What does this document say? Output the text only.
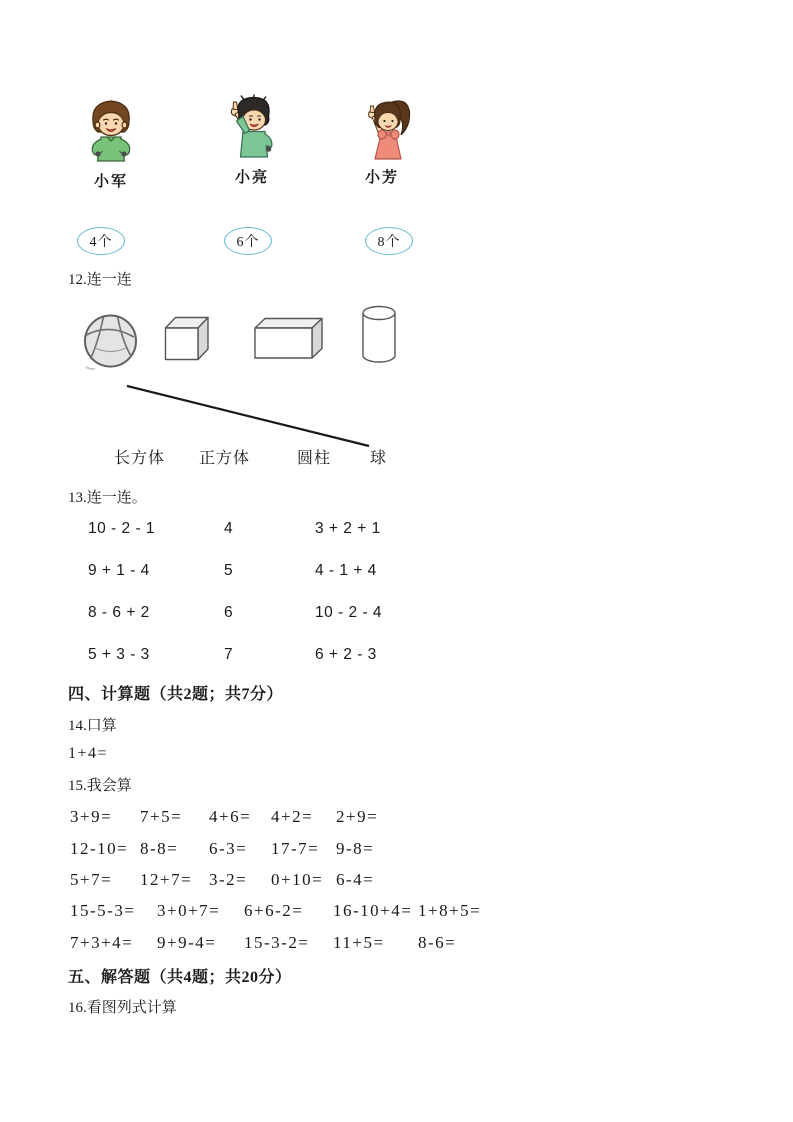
小军	小亮	小芳
4个	6个	8个
12.连一连
长方体 正方体	圆柱 球
13.连一连。
10 - 2 - 1	4	3 + 2 + 1
9 + 1 - 4	5	4 - 1 + 4
8 - 6 + 2	6	10 - 2 - 4
5 + 3 - 3	7	6 + 2 - 3
四、计算题（共2题；共7分）
14.口算
1+4=
15.我会算
3+9= 7+5= 4+6= 4+2= 2+9=
12-10= 8-8= 6-3= 17-7= 9-8=
5+7= 12+7= 3-2= 0+10= 6-4=
15-5-3= 3+0+7= 6+6-2= 16-10+4= 1+8+5=
7+3+4= 9+9-4= 15-3-2= 11+5= 8-6=
五、解答题（共4题；共20分）
16.看图列式计算
